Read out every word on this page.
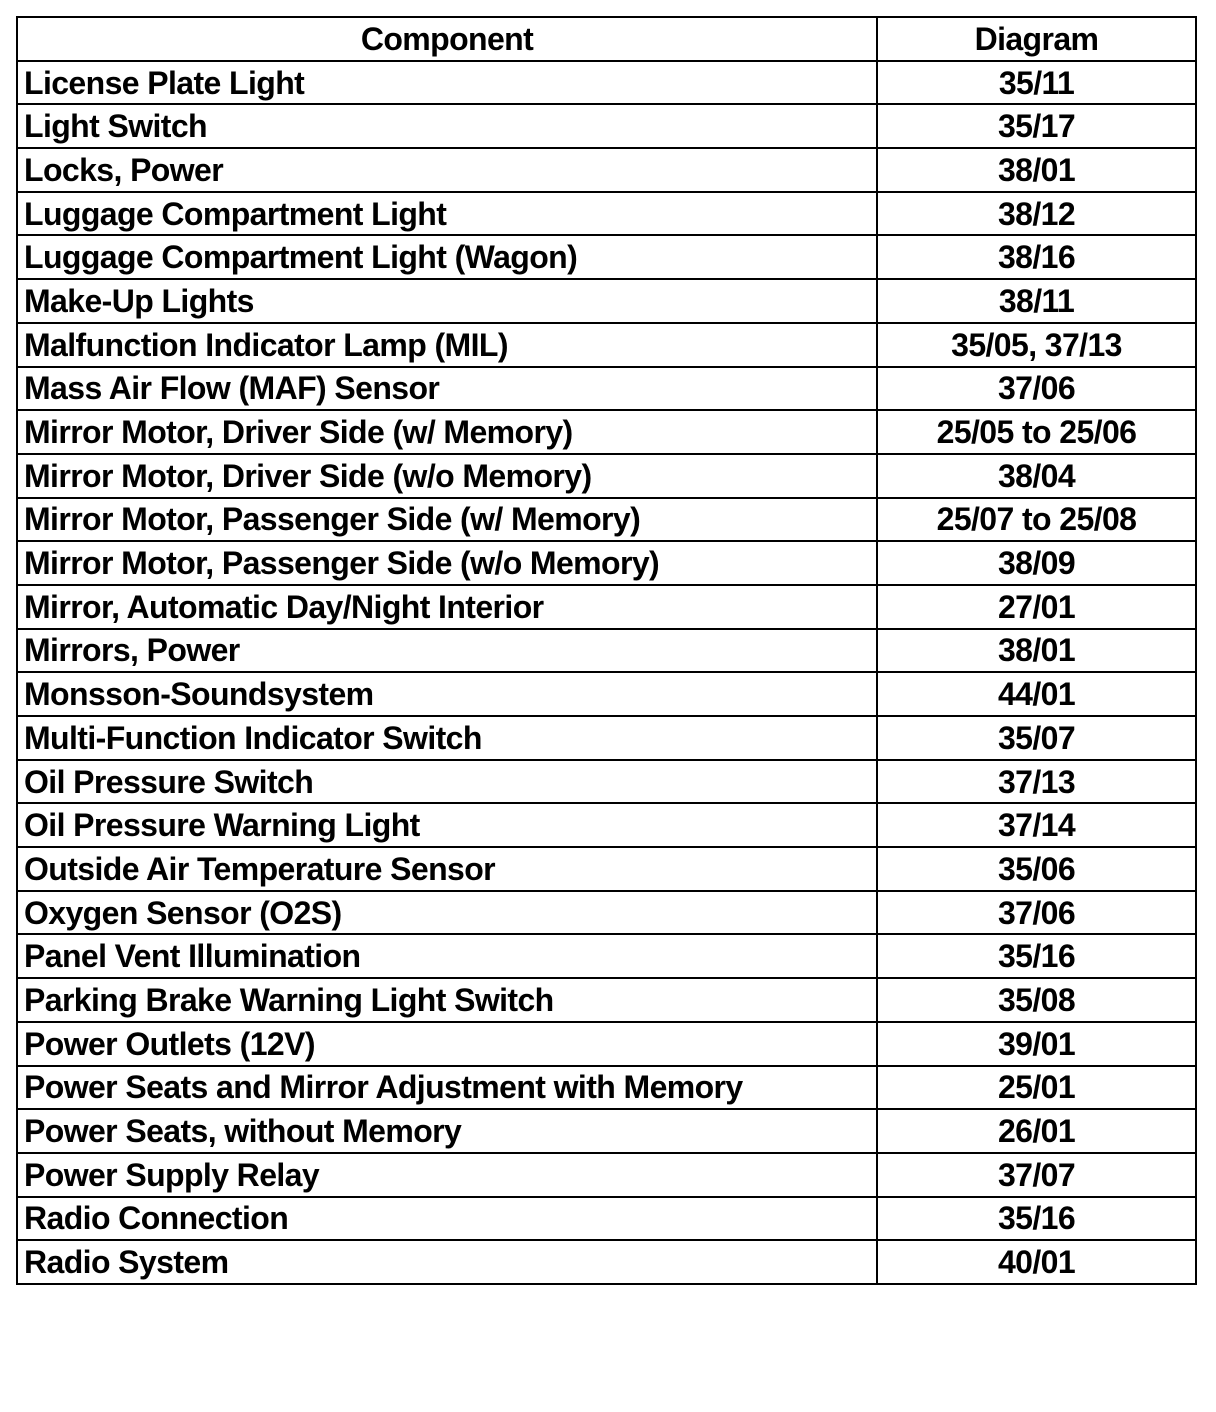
Component	Diagram
License Plate Light	35/11
Light Switch	35/17
Locks, Power	38/01
Luggage Compartment Light	38/12
Luggage Compartment Light (Wagon)	38/16
Make-Up Lights	38/11
Malfunction Indicator Lamp (MIL)	35/05, 37/13
Mass Air Flow (MAF) Sensor	37/06
Mirror Motor, Driver Side (w/ Memory)	25/05 to 25/06
Mirror Motor, Driver Side (w/o Memory)	38/04
Mirror Motor, Passenger Side (w/ Memory)	25/07 to 25/08
Mirror Motor, Passenger Side (w/o Memory)	38/09
Mirror, Automatic Day/Night Interior	27/01
Mirrors, Power	38/01
Monsson-Soundsystem	44/01
Multi-Function Indicator Switch	35/07
Oil Pressure Switch	37/13
Oil Pressure Warning Light	37/14
Outside Air Temperature Sensor	35/06
Oxygen Sensor (O2S)	37/06
Panel Vent Illumination	35/16
Parking Brake Warning Light Switch	35/08
Power Outlets (12V)	39/01
Power Seats and Mirror Adjustment with Memory	25/01
Power Seats, without Memory	26/01
Power Supply Relay	37/07
Radio Connection	35/16
Radio System	40/01
